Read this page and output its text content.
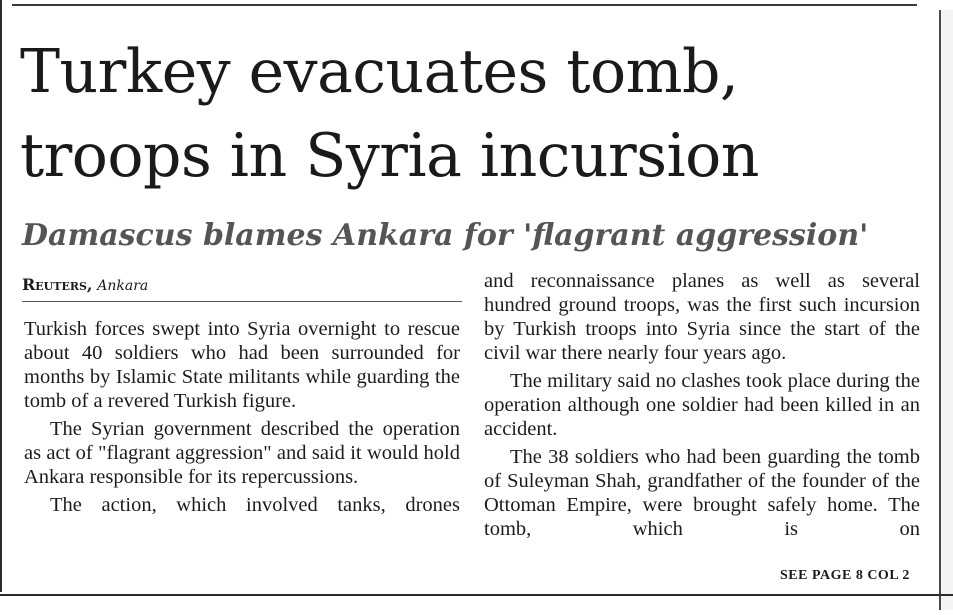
Turkey evacuates tomb, troops in Syria incursion
Damascus blames Ankara for 'flagrant aggression'
Reuters, Ankara

Turkish forces swept into Syria overnight to rescue about 40 soldiers who had been surrounded for months by Islamic State militants while guarding the tomb of a revered Turkish figure.

The Syrian government described the operation as act of "flagrant aggression" and said it would hold Ankara responsible for its repercussions.

The action, which involved tanks, drones

and reconnaissance planes as well as several hundred ground troops, was the first such incursion by Turkish troops into Syria since the start of the civil war there nearly four years ago.

The military said no clashes took place during the operation although one soldier had been killed in an accident.

The 38 soldiers who had been guarding the tomb of Suleyman Shah, grandfather of the founder of the Ottoman Empire, were brought safely home. The tomb, which is on

SEE PAGE 8 COL 2
